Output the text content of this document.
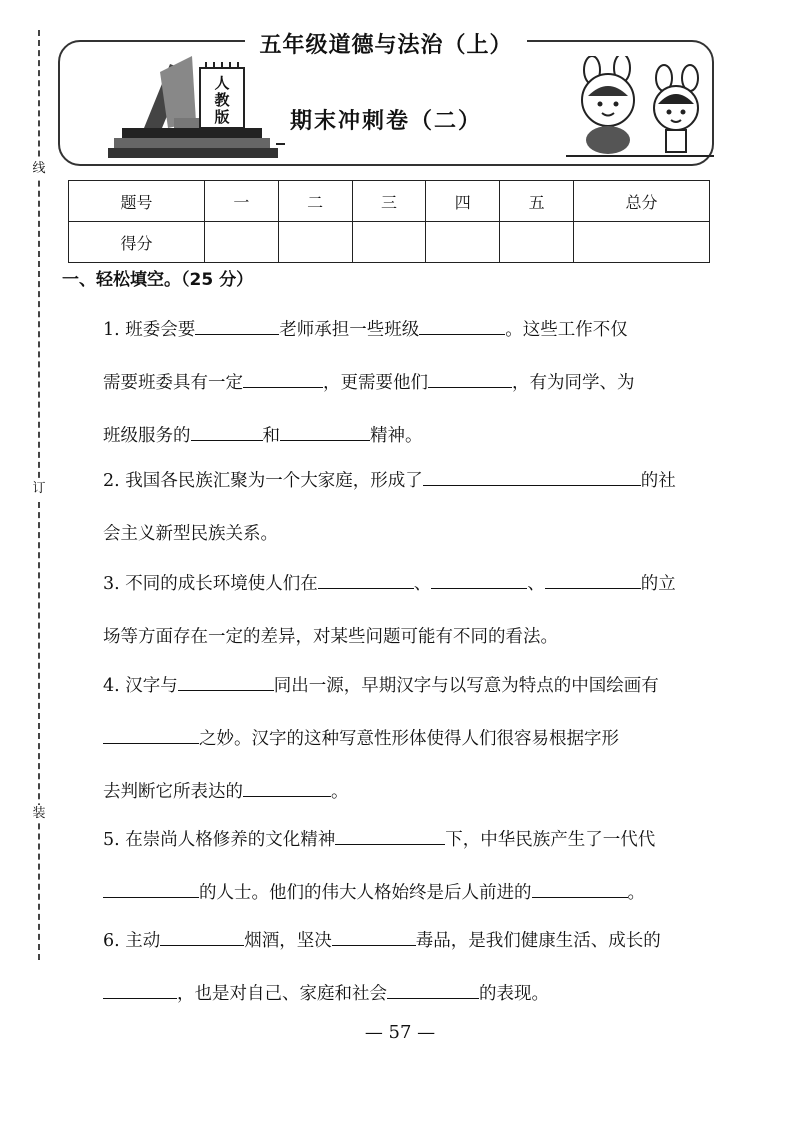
线
订
装
五年级道德与法治（上）
人
教
版	期末冲刺卷（二）
题号	一	二	三	四	五	总分
得分						
一、轻松填空。（25 分）
1. 班委会要	老师承担一些班级	。这些工作不仅
需要班委具有一定	，更需要他们	，有为同学、为
班级服务的	和	精神。
2. 我国各民族汇聚为一个大家庭，形成了	的社
会主义新型民族关系。
3. 不同的成长环境使人们在	、	、	的立
场等方面存在一定的差异，对某些问题可能有不同的看法。
4. 汉字与	同出一源，早期汉字与以写意为特点的中国绘画有
之妙。汉字的这种写意性形体使得人们很容易根据字形
去判断它所表达的	。
5. 在崇尚人格修养的文化精神	下，中华民族产生了一代代
的人士。他们的伟大人格始终是后人前进的	。
6. 主动	烟酒，坚决	毒品，是我们健康生活、成长的
，也是对自己、家庭和社会	的表现。
— 57 —
